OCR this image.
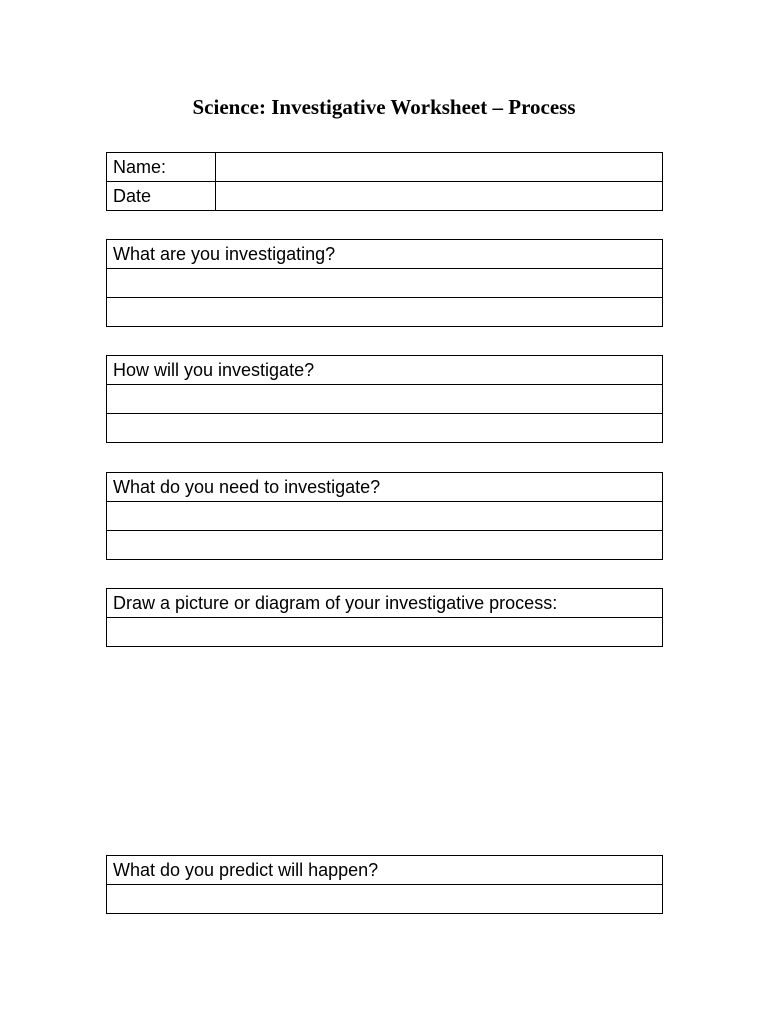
Science: Investigative Worksheet – Process
Name:	
Date	
What are you investigating?

How will you investigate?

What do you need to investigate?

Draw a picture or diagram of your investigative process:

What do you predict will happen?
